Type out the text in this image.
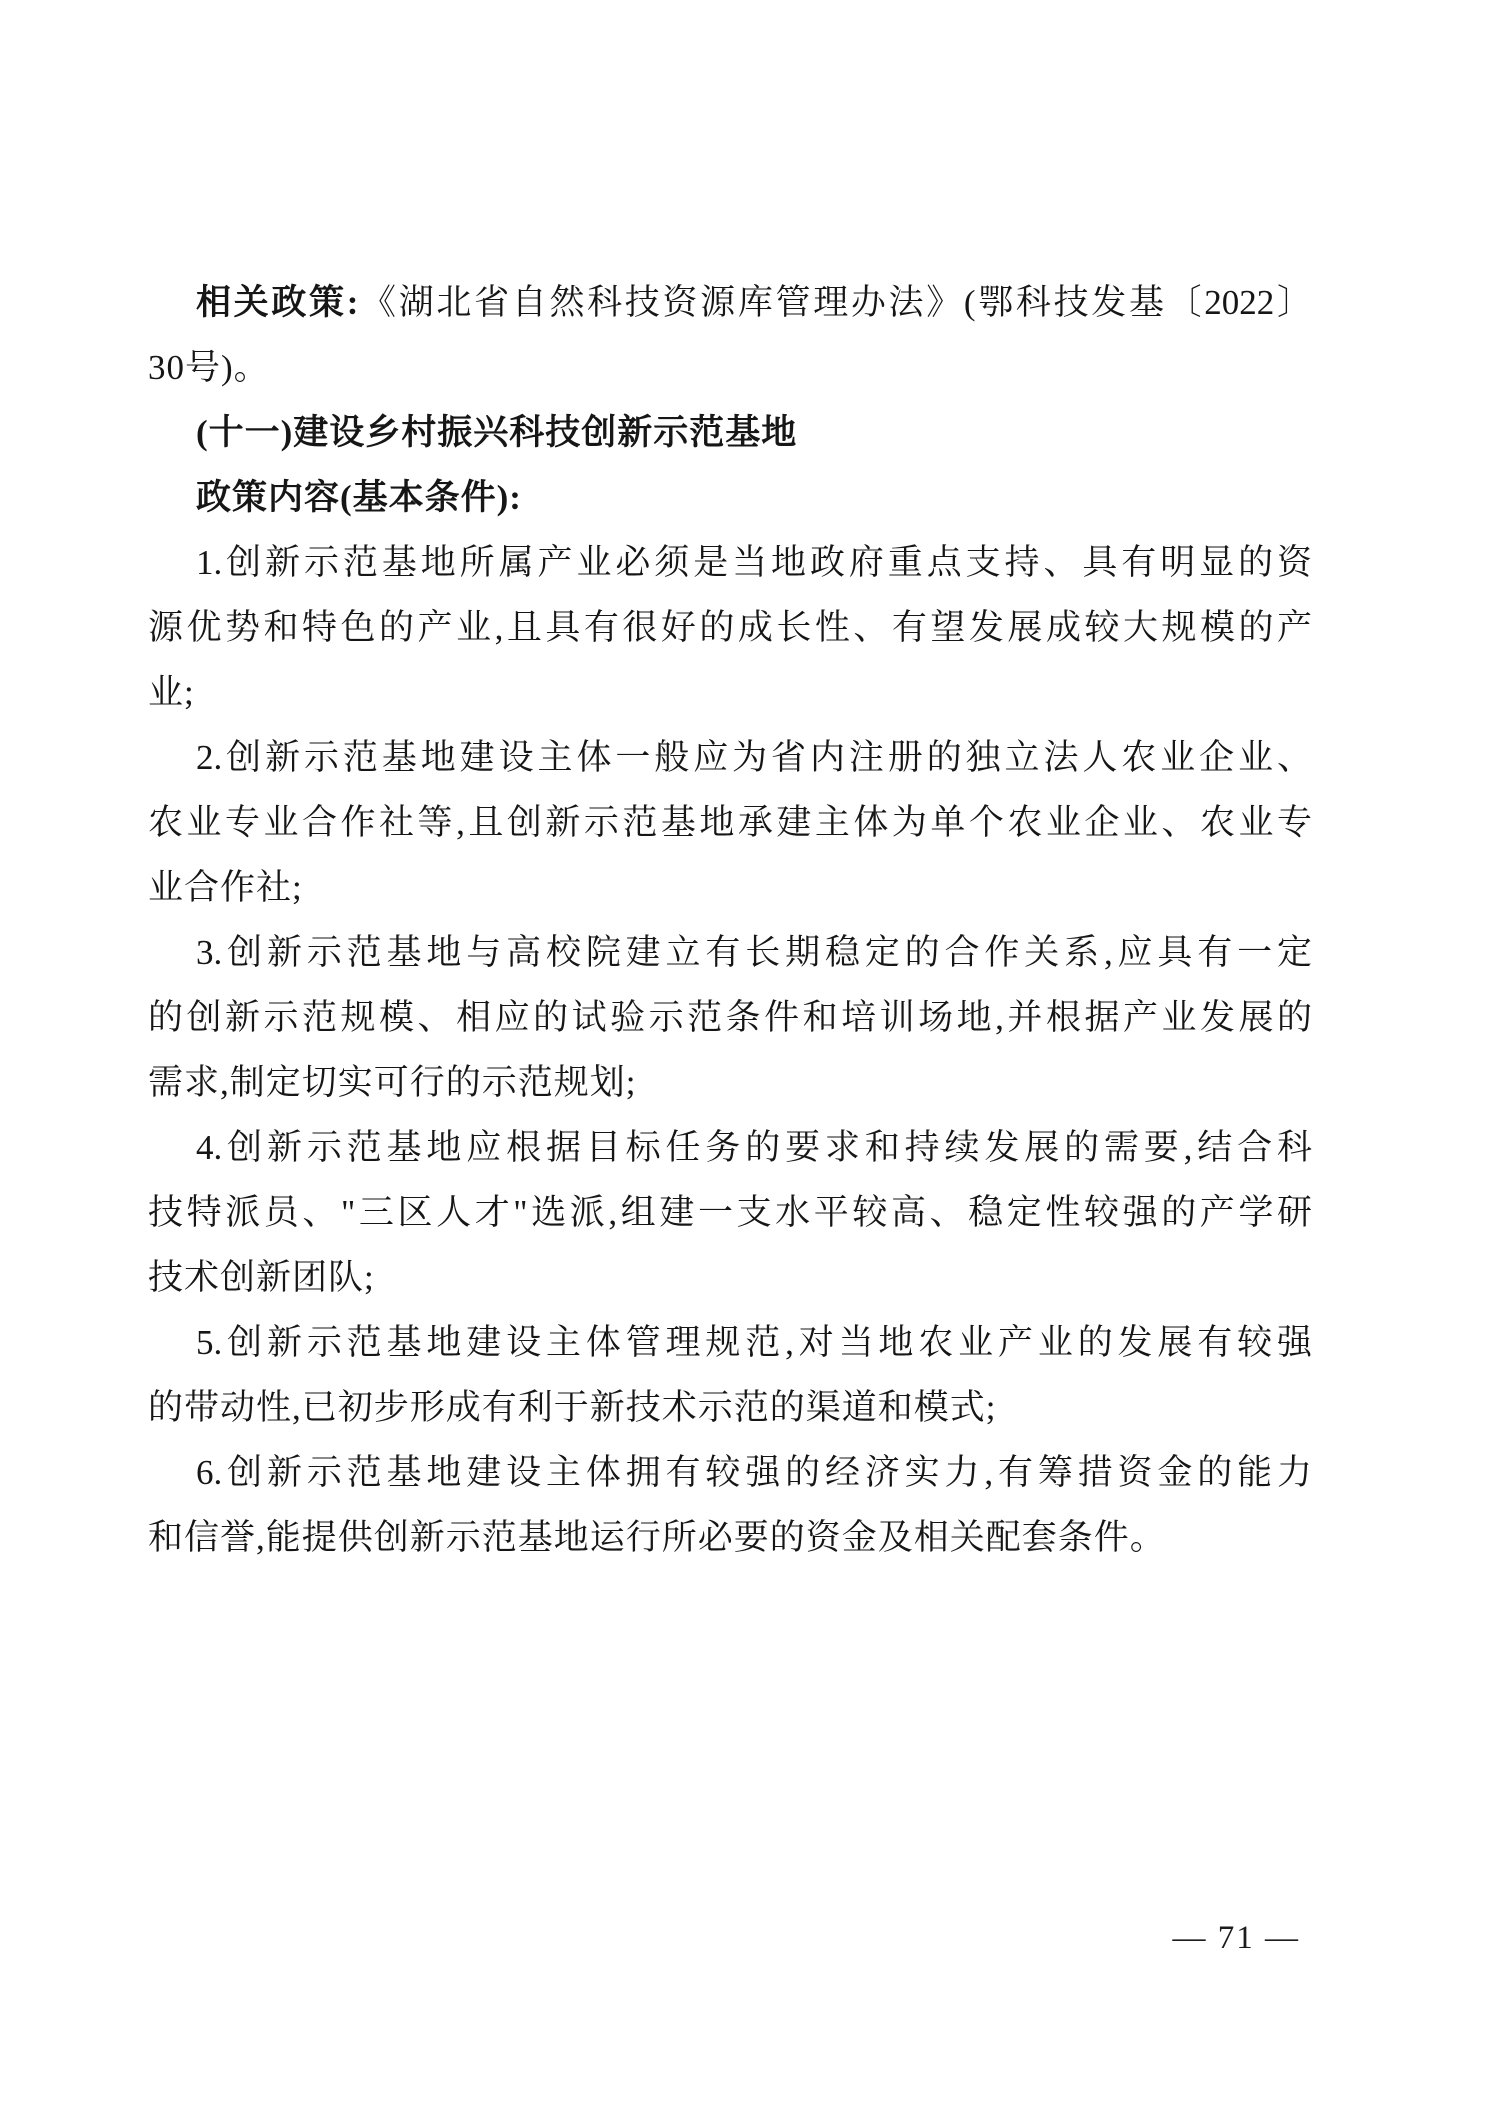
相关政策:《湖北省自然科技资源库管理办法》(鄂科技发基〔2022〕
30号)。
(十一)建设乡村振兴科技创新示范基地
政策内容(基本条件):
1.创新示范基地所属产业必须是当地政府重点支持、具有明显的资
源优势和特色的产业,且具有很好的成长性、有望发展成较大规模的产
业;
2.创新示范基地建设主体一般应为省内注册的独立法人农业企业、
农业专业合作社等,且创新示范基地承建主体为单个农业企业、农业专
业合作社;
3.创新示范基地与高校院建立有长期稳定的合作关系,应具有一定
的创新示范规模、相应的试验示范条件和培训场地,并根据产业发展的
需求,制定切实可行的示范规划;
4.创新示范基地应根据目标任务的要求和持续发展的需要,结合科
技特派员、"三区人才"选派,组建一支水平较高、稳定性较强的产学研
技术创新团队;
5.创新示范基地建设主体管理规范,对当地农业产业的发展有较强
的带动性,已初步形成有利于新技术示范的渠道和模式;
6.创新示范基地建设主体拥有较强的经济实力,有筹措资金的能力
和信誉,能提供创新示范基地运行所必要的资金及相关配套条件。
— 71 —
